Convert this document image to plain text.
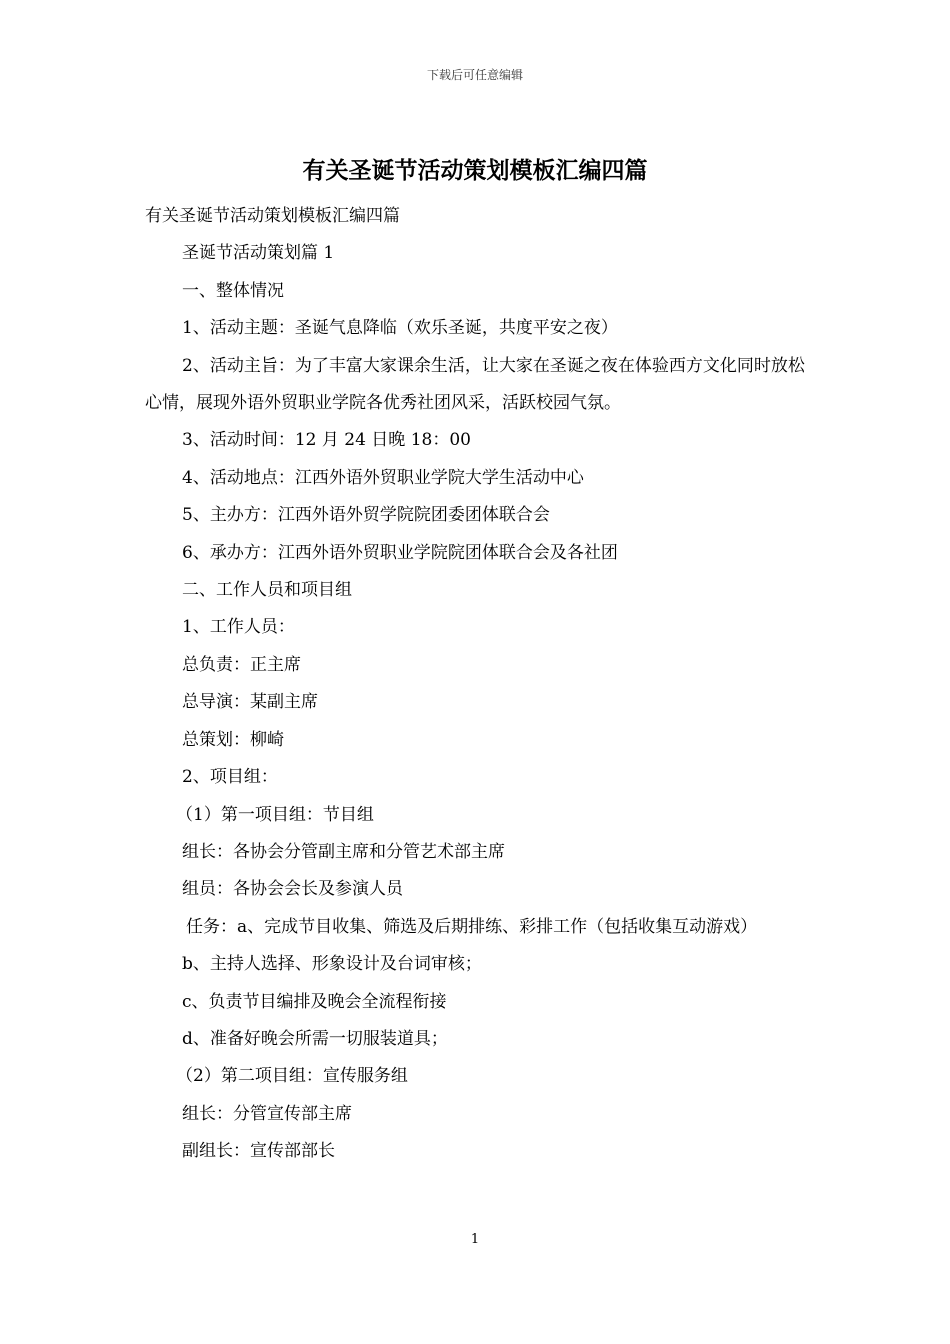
下载后可任意编辑
有关圣诞节活动策划模板汇编四篇
有关圣诞节活动策划模板汇编四篇
圣诞节活动策划篇 1
一、整体情况
1、活动主题：圣诞气息降临（欢乐圣诞，共度平安之夜）
2、活动主旨：为了丰富大家课余生活，让大家在圣诞之夜在体验西方文化同时放松心情，展现外语外贸职业学院各优秀社团风采，活跃校园气氛。
3、活动时间：12 月 24 日晚 18：00
4、活动地点：江西外语外贸职业学院大学生活动中心
5、主办方：江西外语外贸学院院团委团体联合会
6、承办方：江西外语外贸职业学院院团体联合会及各社团
二、工作人员和项目组
1、工作人员：
总负责：正主席
总导演：某副主席
总策划：柳崎
2、项目组：
（1）第一项目组：节目组
组长：各协会分管副主席和分管艺术部主席
组员：各协会会长及参演人员
任务：a、完成节目收集、筛选及后期排练、彩排工作（包括收集互动游戏）
b、主持人选择、形象设计及台词审核；
c、负责节目编排及晚会全流程衔接
d、准备好晚会所需一切服装道具；
（2）第二项目组：宣传服务组
组长：分管宣传部主席
副组长：宣传部部长
1
